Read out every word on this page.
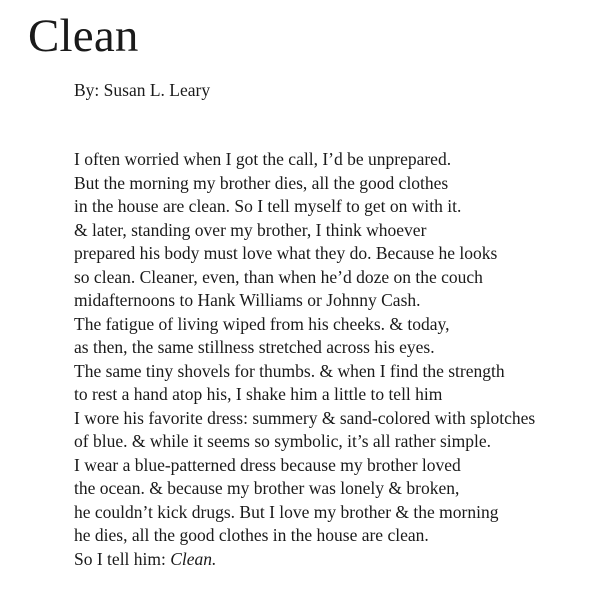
Clean

By: Susan L. Leary

I often worried when I got the call, I’d be unprepared.
But the morning my brother dies, all the good clothes
in the house are clean. So I tell myself to get on with it.
& later, standing over my brother, I think whoever
prepared his body must love what they do. Because he looks
so clean. Cleaner, even, than when he’d doze on the couch
midafternoons to Hank Williams or Johnny Cash.
The fatigue of living wiped from his cheeks. & today,
as then, the same stillness stretched across his eyes.
The same tiny shovels for thumbs. & when I find the strength
to rest a hand atop his, I shake him a little to tell him
I wore his favorite dress: summery & sand-colored with splotches
of blue. & while it seems so symbolic, it’s all rather simple.
I wear a blue-patterned dress because my brother loved
the ocean. & because my brother was lonely & broken,
he couldn’t kick drugs. But I love my brother & the morning
he dies, all the good clothes in the house are clean.
So I tell him: Clean.
